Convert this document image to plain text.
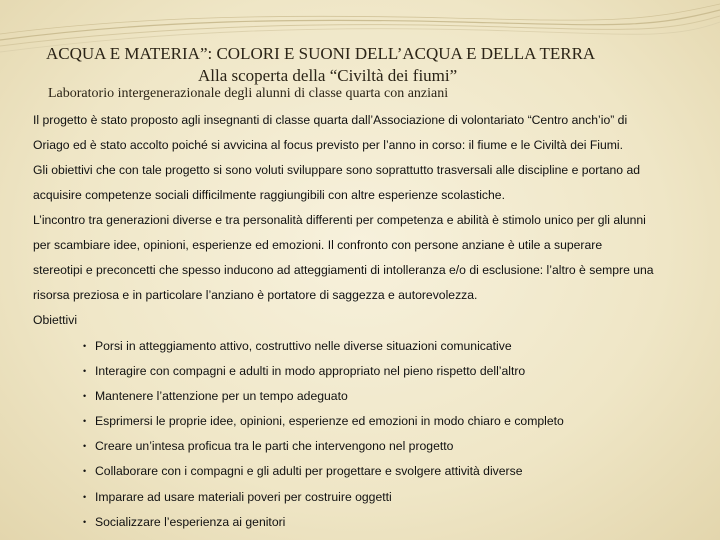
ACQUA E MATERIA”: COLORI E SUONI DELL’ACQUA E DELLA TERRA
Alla scoperta della “Civiltà dei fiumi”
Laboratorio intergenerazionale degli alunni di classe quarta con anziani
Il progetto è stato proposto agli insegnanti di classe quarta dall’Associazione di volontariato “Centro anch’io” di
Oriago ed è stato accolto poiché si avvicina al focus previsto per l’anno in corso: il fiume e le Civiltà dei Fiumi.
Gli obiettivi che con tale progetto si sono voluti sviluppare sono soprattutto trasversali alle discipline e portano ad
acquisire competenze sociali difficilmente raggiungibili con altre esperienze scolastiche.
L’incontro tra generazioni diverse e tra personalità differenti per competenza e abilità è stimolo unico per gli alunni
per scambiare idee, opinioni, esperienze ed emozioni. Il confronto con persone anziane è utile a superare
stereotipi e preconcetti che spesso inducono ad atteggiamenti di intolleranza e/o di esclusione: l’altro è sempre una
risorsa preziosa e in particolare l’anziano è portatore di saggezza e autorevolezza.
Obiettivi
• Porsi in atteggiamento attivo, costruttivo nelle diverse situazioni comunicative
• Interagire con compagni e adulti in modo appropriato nel pieno rispetto dell’altro
• Mantenere l’attenzione per un tempo adeguato
• Esprimersi le proprie idee, opinioni, esperienze ed emozioni in modo chiaro e completo
• Creare un’intesa proficua tra le parti che intervengono nel progetto
• Collaborare con i compagni e gli adulti per progettare e svolgere attività diverse
• Imparare ad usare materiali poveri per costruire oggetti
• Socializzare l’esperienza ai genitori
